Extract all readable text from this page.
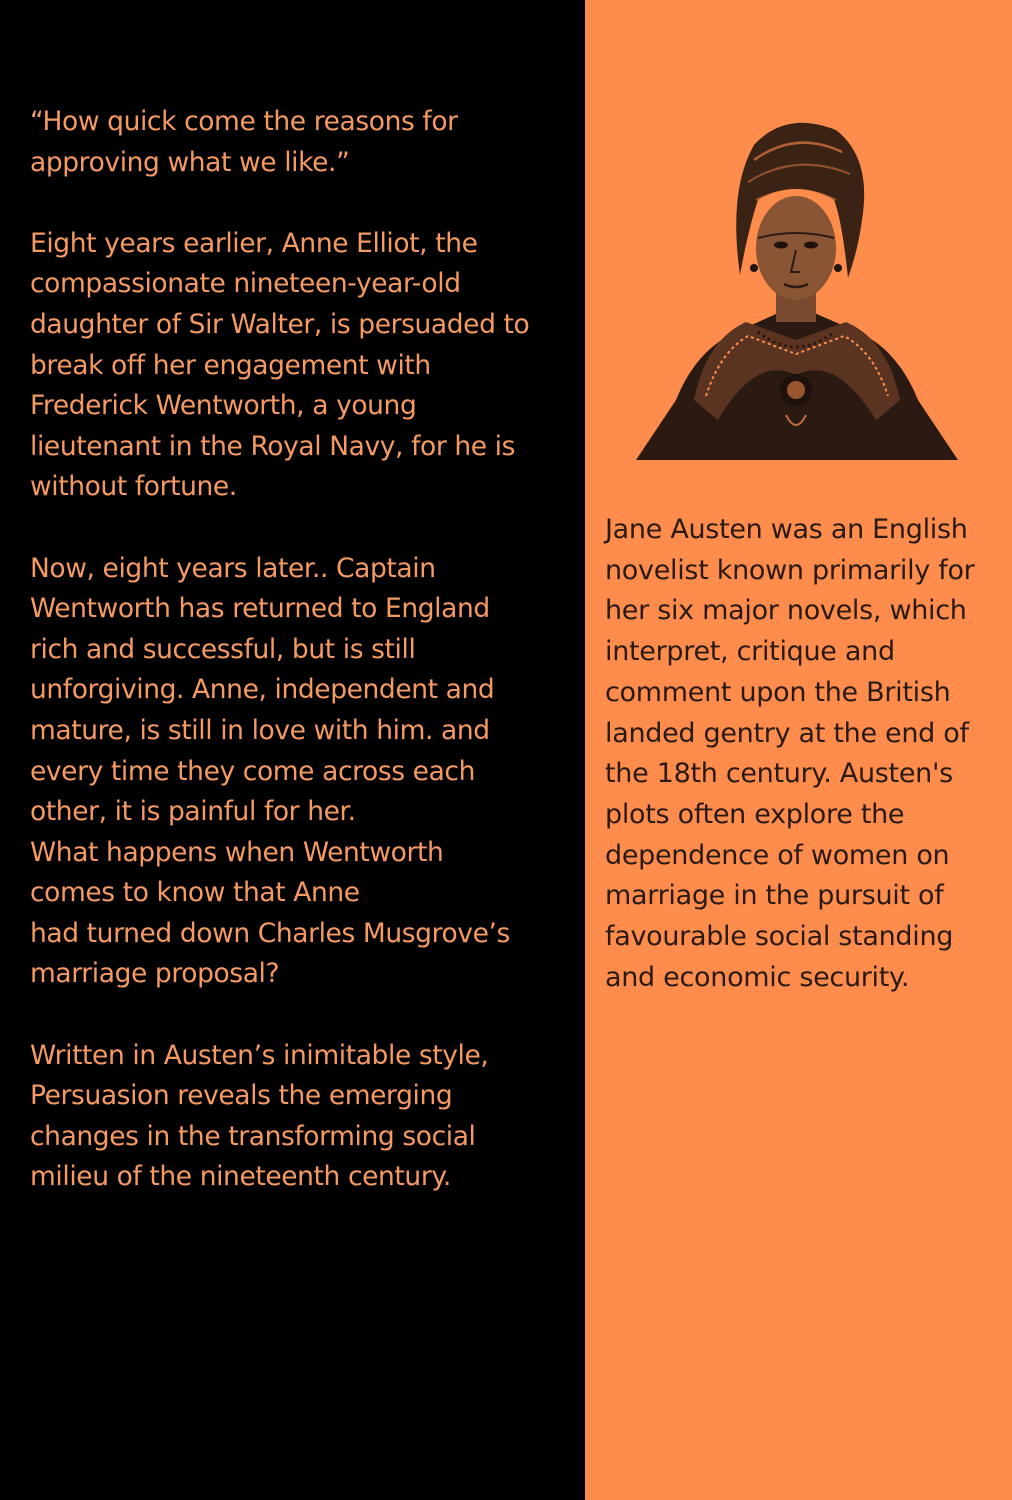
“How quick come the reasons for
approving what we like.”

Eight years earlier, Anne Elliot, the
compassionate nineteen-year-old
daughter of Sir Walter, is persuaded to
break off her engagement with
Frederick Wentworth, a young
lieutenant in the Royal Navy, for he is
without fortune.

Now, eight years later.. Captain
Wentworth has returned to England
rich and successful, but is still
unforgiving. Anne, independent and
mature, is still in love with him. and
every time they come across each
other, it is painful for her.
What happens when Wentworth
comes to know that Anne
had turned down Charles Musgrove’s
marriage proposal?

Written in Austen’s inimitable style,
Persuasion reveals the emerging
changes in the transforming social
milieu of the nineteenth century.

Jane Austen was an English
novelist known primarily for
her six major novels, which
interpret, critique and
comment upon the British
landed gentry at the end of
the 18th century. Austen's
plots often explore the
dependence of women on
marriage in the pursuit of
favourable social standing
and economic security.
